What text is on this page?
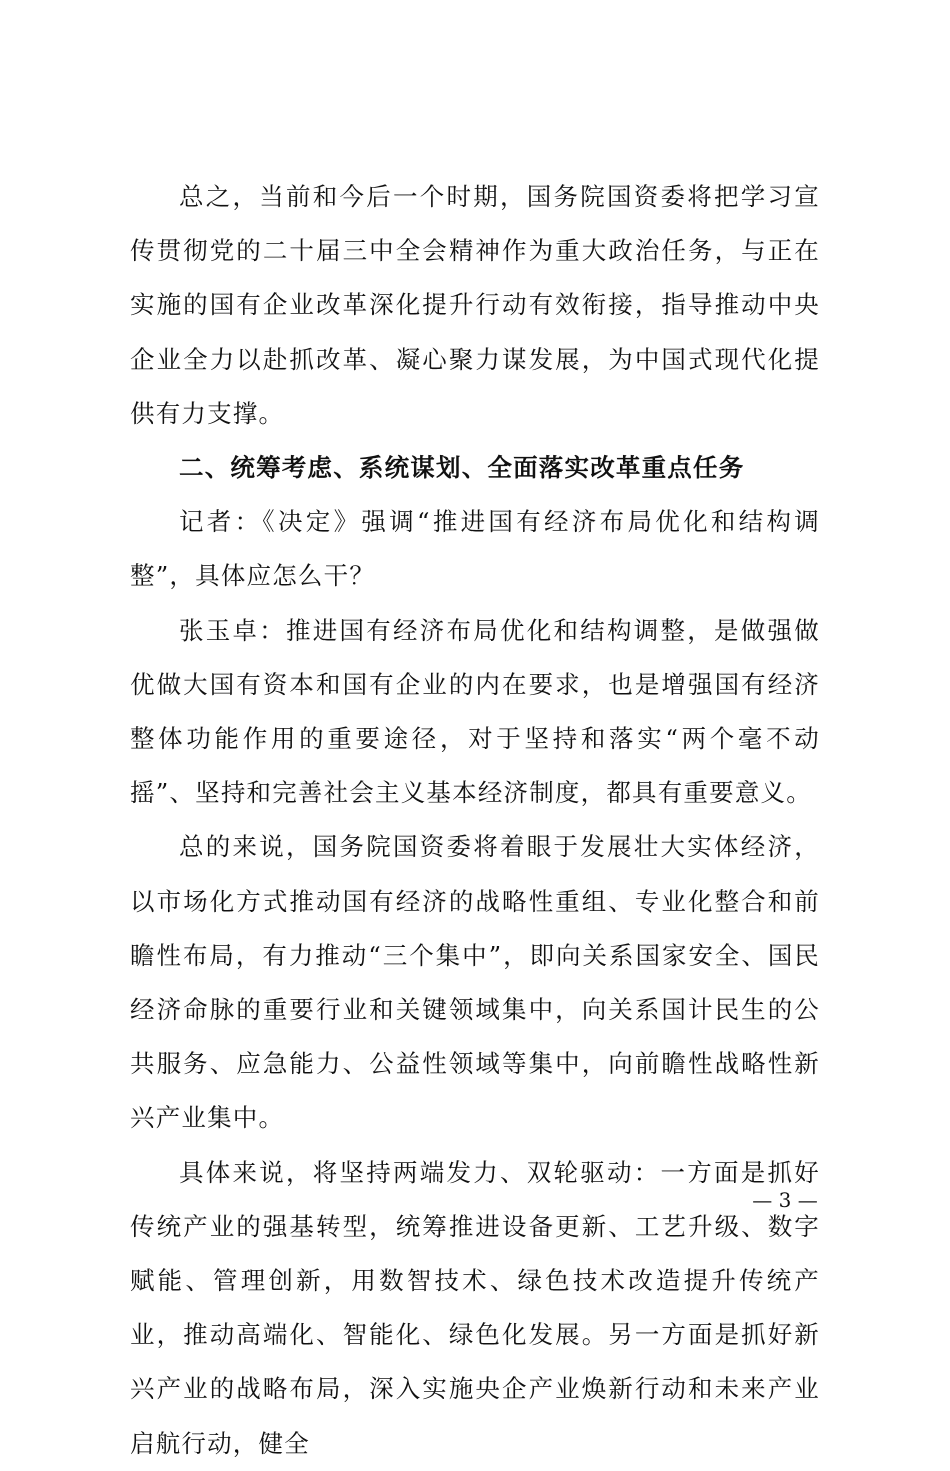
总之，当前和今后一个时期，国务院国资委将把学习宣传贯彻党的二十届三中全会精神作为重大政治任务，与正在实施的国有企业改革深化提升行动有效衔接，指导推动中央企业全力以赴抓改革、凝心聚力谋发展，为中国式现代化提供有力支撑。

二、统筹考虑、系统谋划、全面落实改革重点任务

记者：《决定》强调“推进国有经济布局优化和结构调整”，具体应怎么干？

张玉卓：推进国有经济布局优化和结构调整，是做强做优做大国有资本和国有企业的内在要求，也是增强国有经济整体功能作用的重要途径，对于坚持和落实“两个毫不动摇”、坚持和完善社会主义基本经济制度，都具有重要意义。

总的来说，国务院国资委将着眼于发展壮大实体经济，以市场化方式推动国有经济的战略性重组、专业化整合和前瞻性布局，有力推动“三个集中”，即向关系国家安全、国民经济命脉的重要行业和关键领域集中，向关系国计民生的公共服务、应急能力、公益性领域等集中，向前瞻性战略性新兴产业集中。

具体来说，将坚持两端发力、双轮驱动：一方面是抓好传统产业的强基转型，统筹推进设备更新、工艺升级、数字赋能、管理创新，用数智技术、绿色技术改造提升传统产业，推动高端化、智能化、绿色化发展。另一方面是抓好新兴产业的战略布局，深入实施央企产业焕新行动和未来产业启航行动，健全

— 3 —
